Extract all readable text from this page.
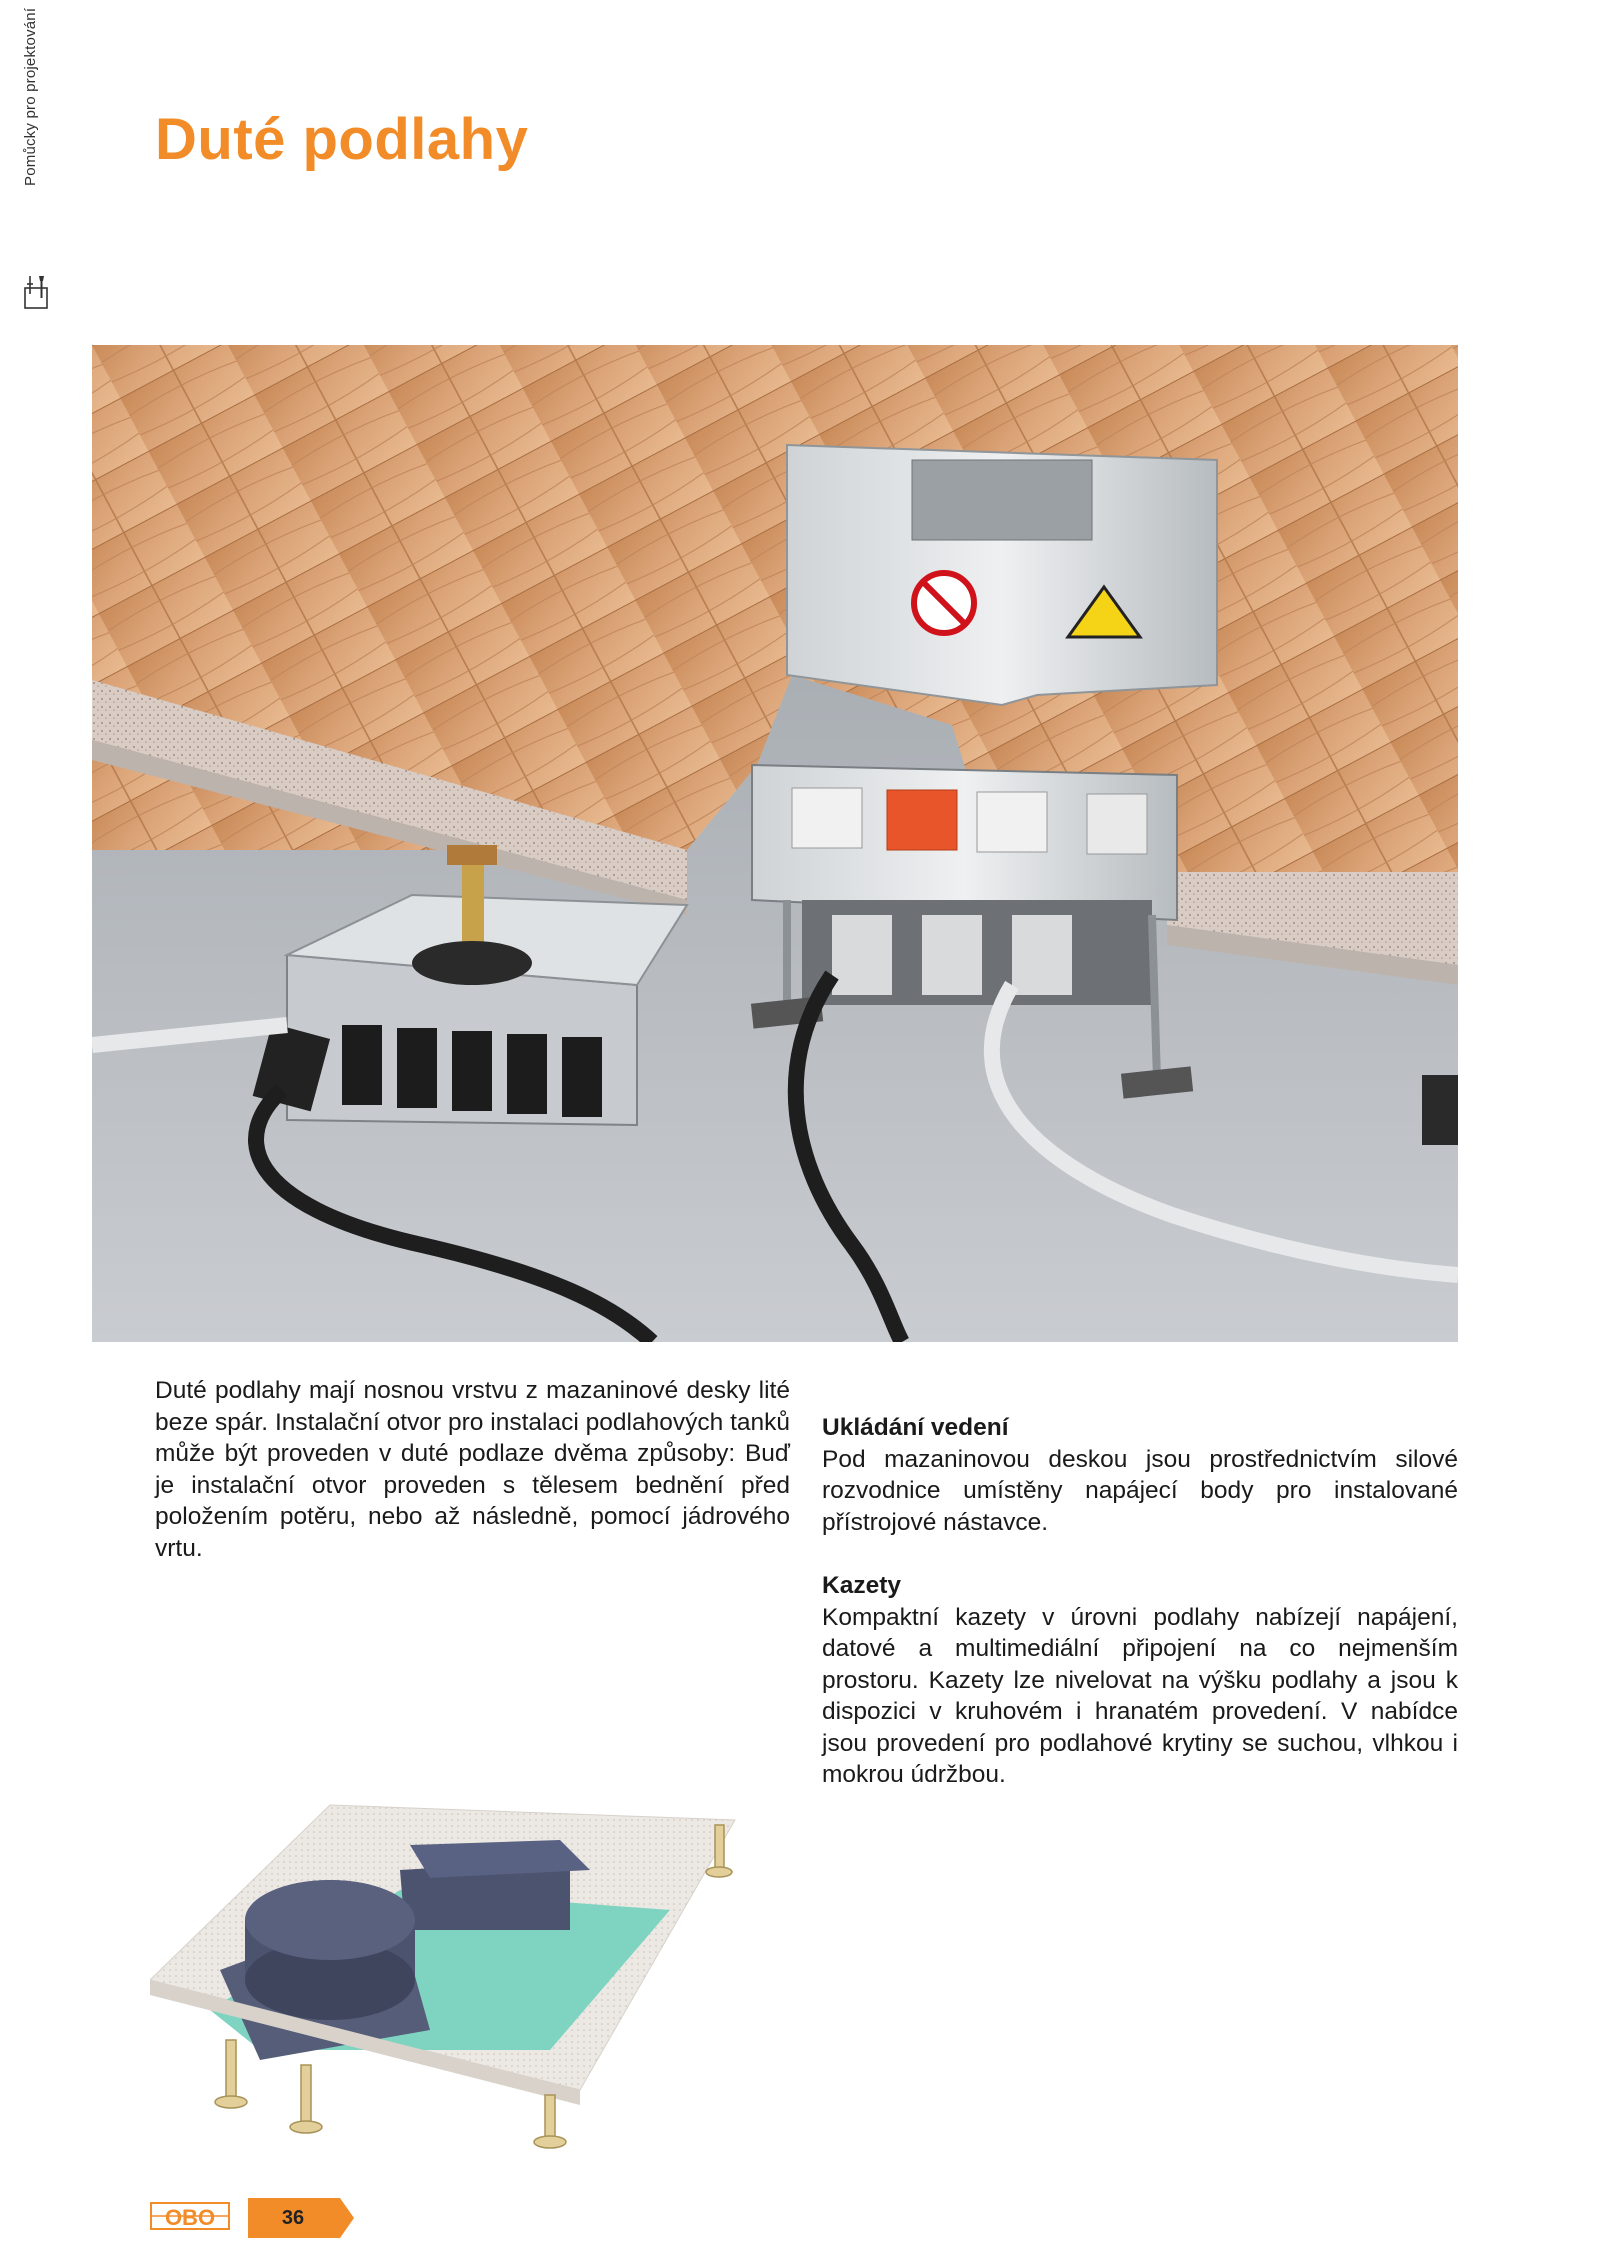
Pomůcky pro projektování Duté podlahy

Duté podlahy mají nosnou vrstvu z mazaninové desky lité beze spár. Instalační otvor pro instalaci podlahových tanků může být proveden v duté podlaze dvěma způsoby: Buď je instalační otvor proveden s tělesem bednění před položením potěru, nebo až následně, pomocí jádrového vrtu.

Ukládání vedení

Pod mazaninovou deskou jsou prostřednictvím silové rozvodnice umístěny napájecí body pro instalované přístrojové nástavce.

Kazety

Kompaktní kazety v úrovni podlahy nabízejí napájení, datové a multimediální připojení na co nejmenším prostoru. Kazety lze nivelovat na výšku podlahy a jsou k dispozici v kruhovém i hranatém provedení. V nabídce jsou provedení pro podlahové krytiny se suchou, vlhkou i mokrou údržbou.

OBO	36
